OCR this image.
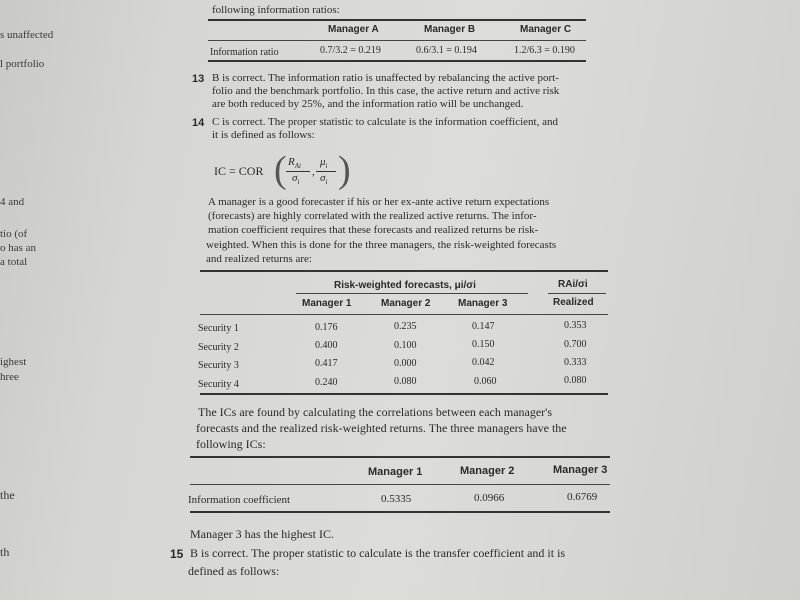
s unaffected
l portfolio
4 and
tio (of
o has an
a total
ighest
hree
the
th
following information ratios:
Manager A	Manager B	Manager C
Information ratio	0.7/3.2 = 0.219	0.6/3.1 = 0.194	1.2/6.3 = 0.190
13 B is correct. The information ratio is unaffected by rebalancing the active port-
folio and the benchmark portfolio. In this case, the active return and active risk
are both reduced by 25%, and the information ratio will be unchanged.
14 C is correct. The proper statistic to calculate is the information coefficient, and
it is defined as follows:
IC = COR ( $R_{Ai}$
$\sigma_i$
,
$\mu_i$
$\sigma_i$ )
A manager is a good forecaster if his or her ex-ante active return expectations
(forecasts) are highly correlated with the realized active returns. The infor-
mation coefficient requires that these forecasts and realized returns be risk-
weighted. When this is done for the three managers, the risk-weighted forecasts
and realized returns are:
Risk-weighted forecasts, μi/σi	RAi/σi
Manager 1	Manager 2	Manager 3	Realized
Security 1	0.176	0.235	0.147	0.353
Security 2	0.400	0.100	0.150	0.700
Security 3	0.417	0.000	0.042	0.333
Security 4	0.240	0.080	0.060	0.080
The ICs are found by calculating the correlations between each manager's
forecasts and the realized risk-weighted returns. The three managers have the
following ICs:
Manager 1	Manager 2	Manager 3
Information coefficient	0.5335	0.0966	0.6769
Manager 3 has the highest IC.
15 B is correct. The proper statistic to calculate is the transfer coefficient and it is
defined as follows:
